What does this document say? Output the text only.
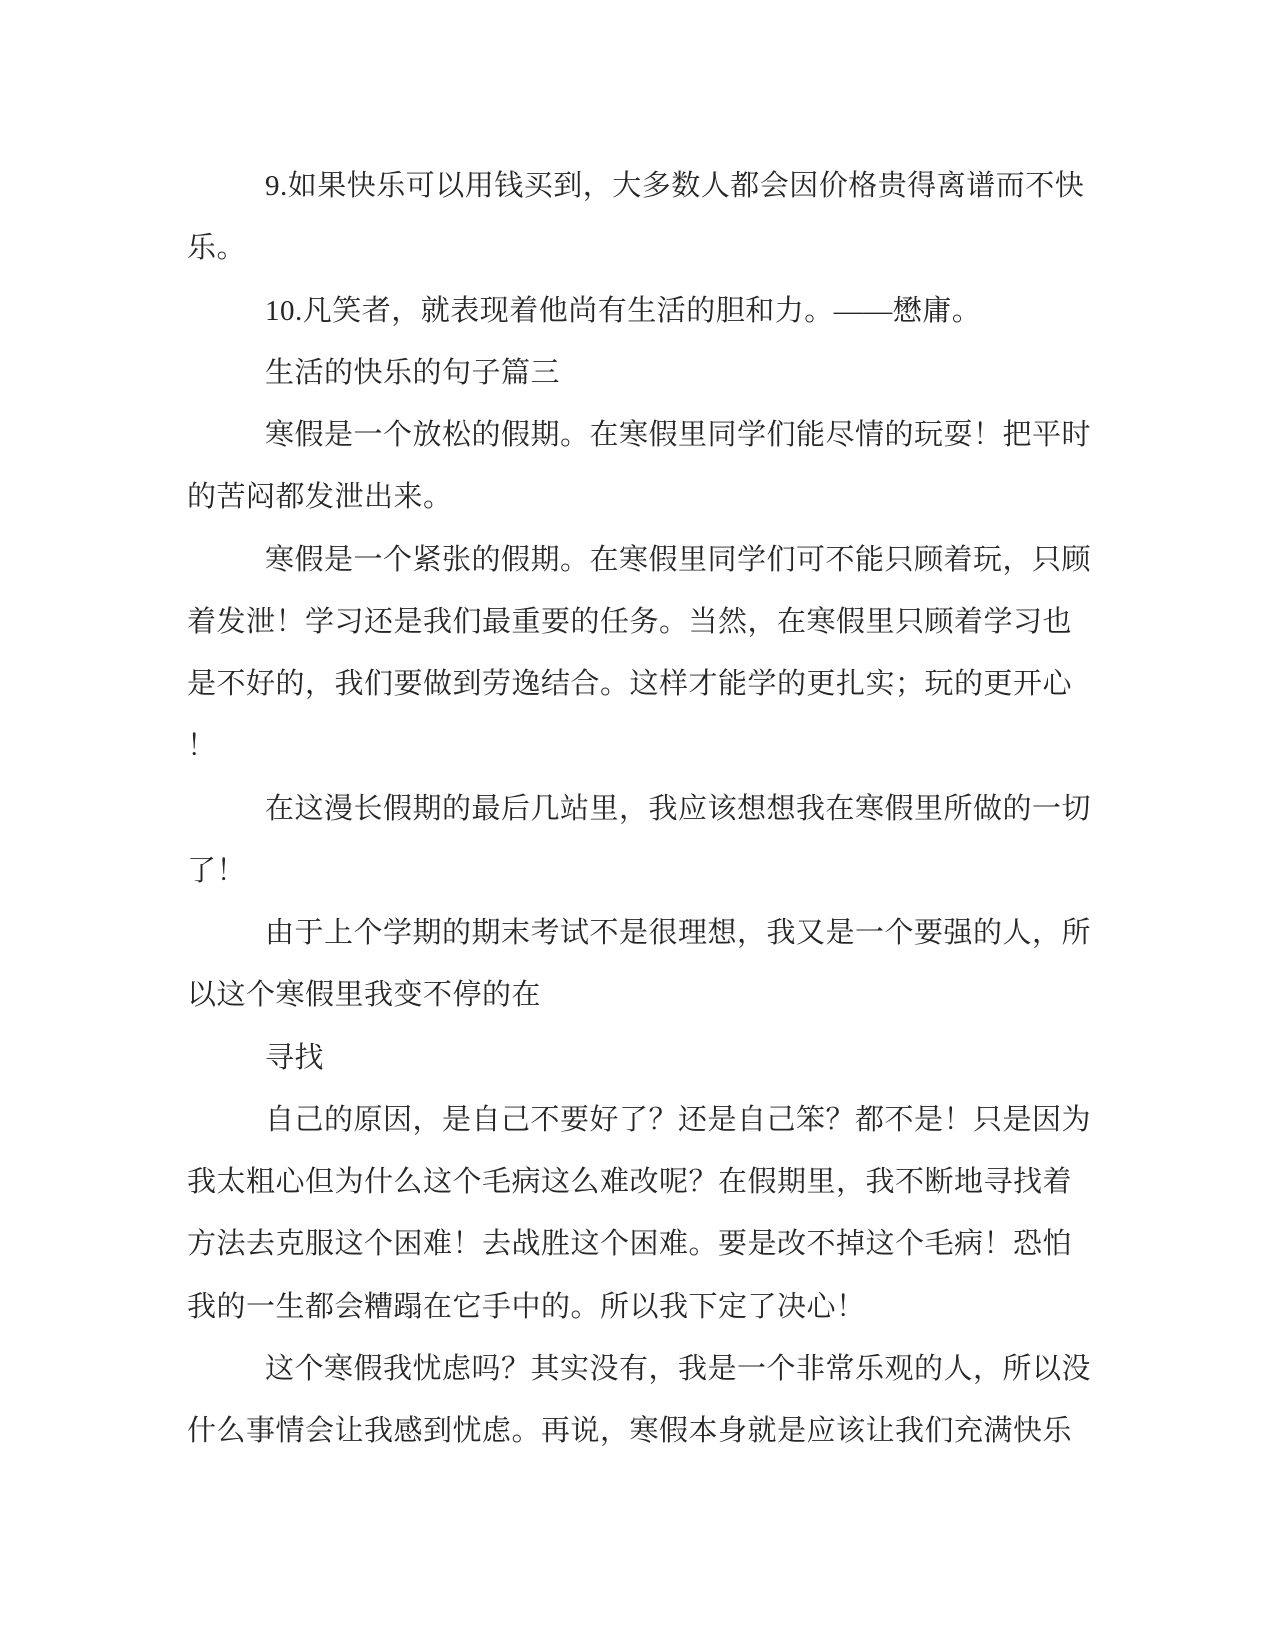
9.如果快乐可以用钱买到，大多数人都会因价格贵得离谱而不快
乐。
10.凡笑者，就表现着他尚有生活的胆和力。——懋庸。
生活的快乐的句子篇三
寒假是一个放松的假期。在寒假里同学们能尽情的玩耍！把平时
的苦闷都发泄出来。
寒假是一个紧张的假期。在寒假里同学们可不能只顾着玩，只顾
着发泄！学习还是我们最重要的任务。当然，在寒假里只顾着学习也
是不好的，我们要做到劳逸结合。这样才能学的更扎实；玩的更开心
！
在这漫长假期的最后几站里，我应该想想我在寒假里所做的一切
了！
由于上个学期的期末考试不是很理想，我又是一个要强的人，所
以这个寒假里我变不停的在
寻找
自己的原因，是自己不要好了？还是自己笨？都不是！只是因为
我太粗心但为什么这个毛病这么难改呢？在假期里，我不断地寻找着
方法去克服这个困难！去战胜这个困难。要是改不掉这个毛病！恐怕
我的一生都会糟蹋在它手中的。所以我下定了决心！
这个寒假我忧虑吗？其实没有，我是一个非常乐观的人，所以没
什么事情会让我感到忧虑。再说，寒假本身就是应该让我们充满快乐
